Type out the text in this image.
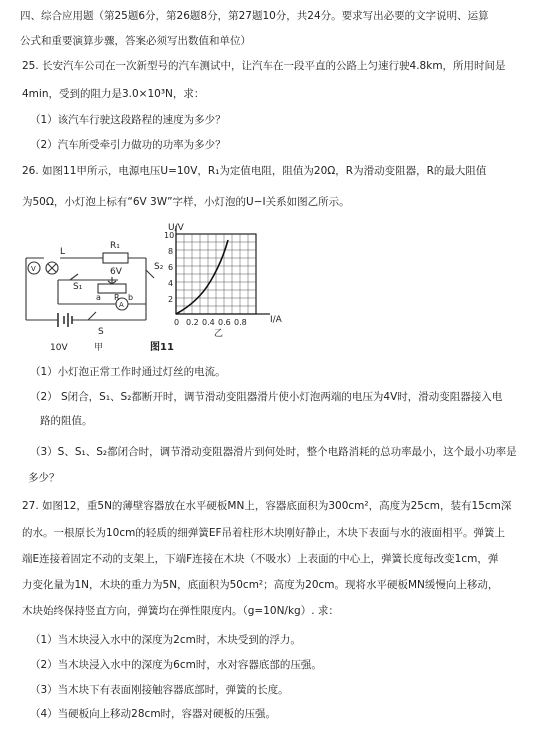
四、综合应用题（第25题6分，第26题8分，第27题10分，共24分。要求写出必要的文字说明、运算
公式和重要演算步骤，答案必须写出数值和单位）
25. 长安汽车公司在一次新型号的汽车测试中，让汽车在一段平直的公路上匀速行驶4.8km，所用时间是
4min，受到的阻力是3.0×10³N，求：
（1）该汽车行驶这段路程的速度为多少？
（2）汽车所受牵引力做功的功率为多少？
26. 如图11甲所示，电源电压U=10V，R₁为定值电阻，阻值为20Ω，R为滑动变阻器，R的最大阻值
为50Ω，小灯泡上标有“6V 3W”字样，小灯泡的U−I关系如图乙所示。
V
A
R₁
6V
S₁
S₂
S
L
a	b
R
10V	甲
U/V
I/A
10
8
6
4
2
0 0.2 0.4 0.6 0.8
乙
图11
（1）小灯泡正常工作时通过灯丝的电流。
（2） S闭合，S₁、S₂都断开时，调节滑动变阻器滑片使小灯泡两端的电压为4V时，滑动变阻器接入电
路的阻值。
（3）S、S₁、S₂都闭合时，调节滑动变阻器滑片到何处时，整个电路消耗的总功率最小，这个最小功率是
多少？
27. 如图12，重5N的薄壁容器放在水平硬板MN上，容器底面积为300cm²，高度为25cm，装有15cm深
的水。一根原长为10cm的轻质的细弹簧EF吊着柱形木块刚好静止，木块下表面与水的液面相平。弹簧上
端E连接着固定不动的支架上，下端F连接在木块（不吸水）上表面的中心上，弹簧长度每改变1cm，弹
力变化量为1N，木块的重力为5N，底面积为50cm²；高度为20cm。现将水平硬板MN缓慢向上移动，
木块始终保持竖直方向，弹簧均在弹性限度内。（g=10N/kg）. 求：
（1）当木块浸入水中的深度为2cm时，木块受到的浮力。
（2）当木块浸入水中的深度为6cm时，水对容器底部的压强。
（3）当木块下有表面刚接触容器底部时，弹簧的长度。
（4）当硬板向上移动28cm时，容器对硬板的压强。
